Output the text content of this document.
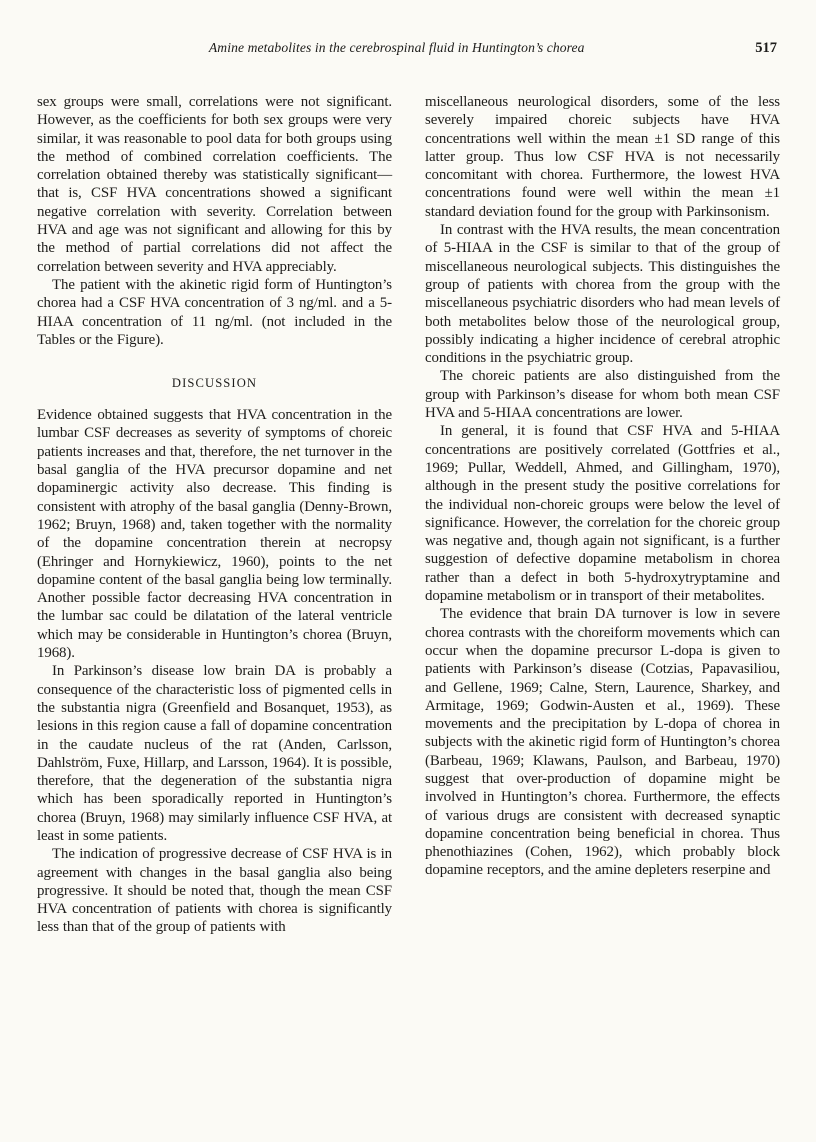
Amine metabolites in the cerebrospinal fluid in Huntington’s chorea	517

sex groups were small, correlations were not significant. However, as the coefficients for both sex groups were very similar, it was reasonable to pool data for both groups using the method of combined correlation coefficients. The correlation obtained thereby was statistically significant—that is, CSF HVA concentrations showed a significant negative correlation with severity. Correlation between HVA and age was not significant and allowing for this by the method of partial correlations did not affect the correlation between severity and HVA appreciably.

The patient with the akinetic rigid form of Huntington’s chorea had a CSF HVA concentration of 3 ng/ml. and a 5-HIAA concentration of 11 ng/ml. (not included in the Tables or the Figure).

DISCUSSION

Evidence obtained suggests that HVA concentration in the lumbar CSF decreases as severity of symptoms of choreic patients increases and that, therefore, the net turnover in the basal ganglia of the HVA precursor dopamine and net dopaminergic activity also decrease. This finding is consistent with atrophy of the basal ganglia (Denny-Brown, 1962; Bruyn, 1968) and, taken together with the normality of the dopamine concentration therein at necropsy (Ehringer and Hornykiewicz, 1960), points to the net dopamine content of the basal ganglia being low terminally. Another possible factor decreasing HVA concentration in the lumbar sac could be dilatation of the lateral ventricle which may be considerable in Huntington’s chorea (Bruyn, 1968).

In Parkinson’s disease low brain DA is probably a consequence of the characteristic loss of pigmented cells in the substantia nigra (Greenfield and Bosanquet, 1953), as lesions in this region cause a fall of dopamine concentration in the caudate nucleus of the rat (Anden, Carlsson, Dahlström, Fuxe, Hillarp, and Larsson, 1964). It is possible, therefore, that the degeneration of the substantia nigra which has been sporadically reported in Huntington’s chorea (Bruyn, 1968) may similarly influence CSF HVA, at least in some patients.

The indication of progressive decrease of CSF HVA is in agreement with changes in the basal ganglia also being progressive. It should be noted that, though the mean CSF HVA concentration of patients with chorea is significantly less than that of the group of patients with

miscellaneous neurological disorders, some of the less severely impaired choreic subjects have HVA concentrations well within the mean ±1 SD range of this latter group. Thus low CSF HVA is not necessarily concomitant with chorea. Furthermore, the lowest HVA concentrations found were well within the mean ±1 standard deviation found for the group with Parkinsonism.

In contrast with the HVA results, the mean concentration of 5-HIAA in the CSF is similar to that of the group of miscellaneous neurological subjects. This distinguishes the group of patients with chorea from the group with the miscellaneous psychiatric disorders who had mean levels of both metabolites below those of the neurological group, possibly indicating a higher incidence of cerebral atrophic conditions in the psychiatric group.

The choreic patients are also distinguished from the group with Parkinson’s disease for whom both mean CSF HVA and 5-HIAA concentrations are lower.

In general, it is found that CSF HVA and 5-HIAA concentrations are positively correlated (Gottfries et al., 1969; Pullar, Weddell, Ahmed, and Gillingham, 1970), although in the present study the positive correlations for the individual non-choreic groups were below the level of significance. However, the correlation for the choreic group was negative and, though again not significant, is a further suggestion of defective dopamine metabolism in chorea rather than a defect in both 5-hydroxytryptamine and dopamine metabolism or in transport of their metabolites.

The evidence that brain DA turnover is low in severe chorea contrasts with the choreiform movements which can occur when the dopamine precursor L-dopa is given to patients with Parkinson’s disease (Cotzias, Papavasiliou, and Gellene, 1969; Calne, Stern, Laurence, Sharkey, and Armitage, 1969; Godwin-Austen et al., 1969). These movements and the precipitation by L-dopa of chorea in subjects with the akinetic rigid form of Huntington’s chorea (Barbeau, 1969; Klawans, Paulson, and Barbeau, 1970) suggest that over-production of dopamine might be involved in Huntington’s chorea. Furthermore, the effects of various drugs are consistent with decreased synaptic dopamine concentration being beneficial in chorea. Thus phenothiazines (Cohen, 1962), which probably block dopamine receptors, and the amine depleters reserpine and
